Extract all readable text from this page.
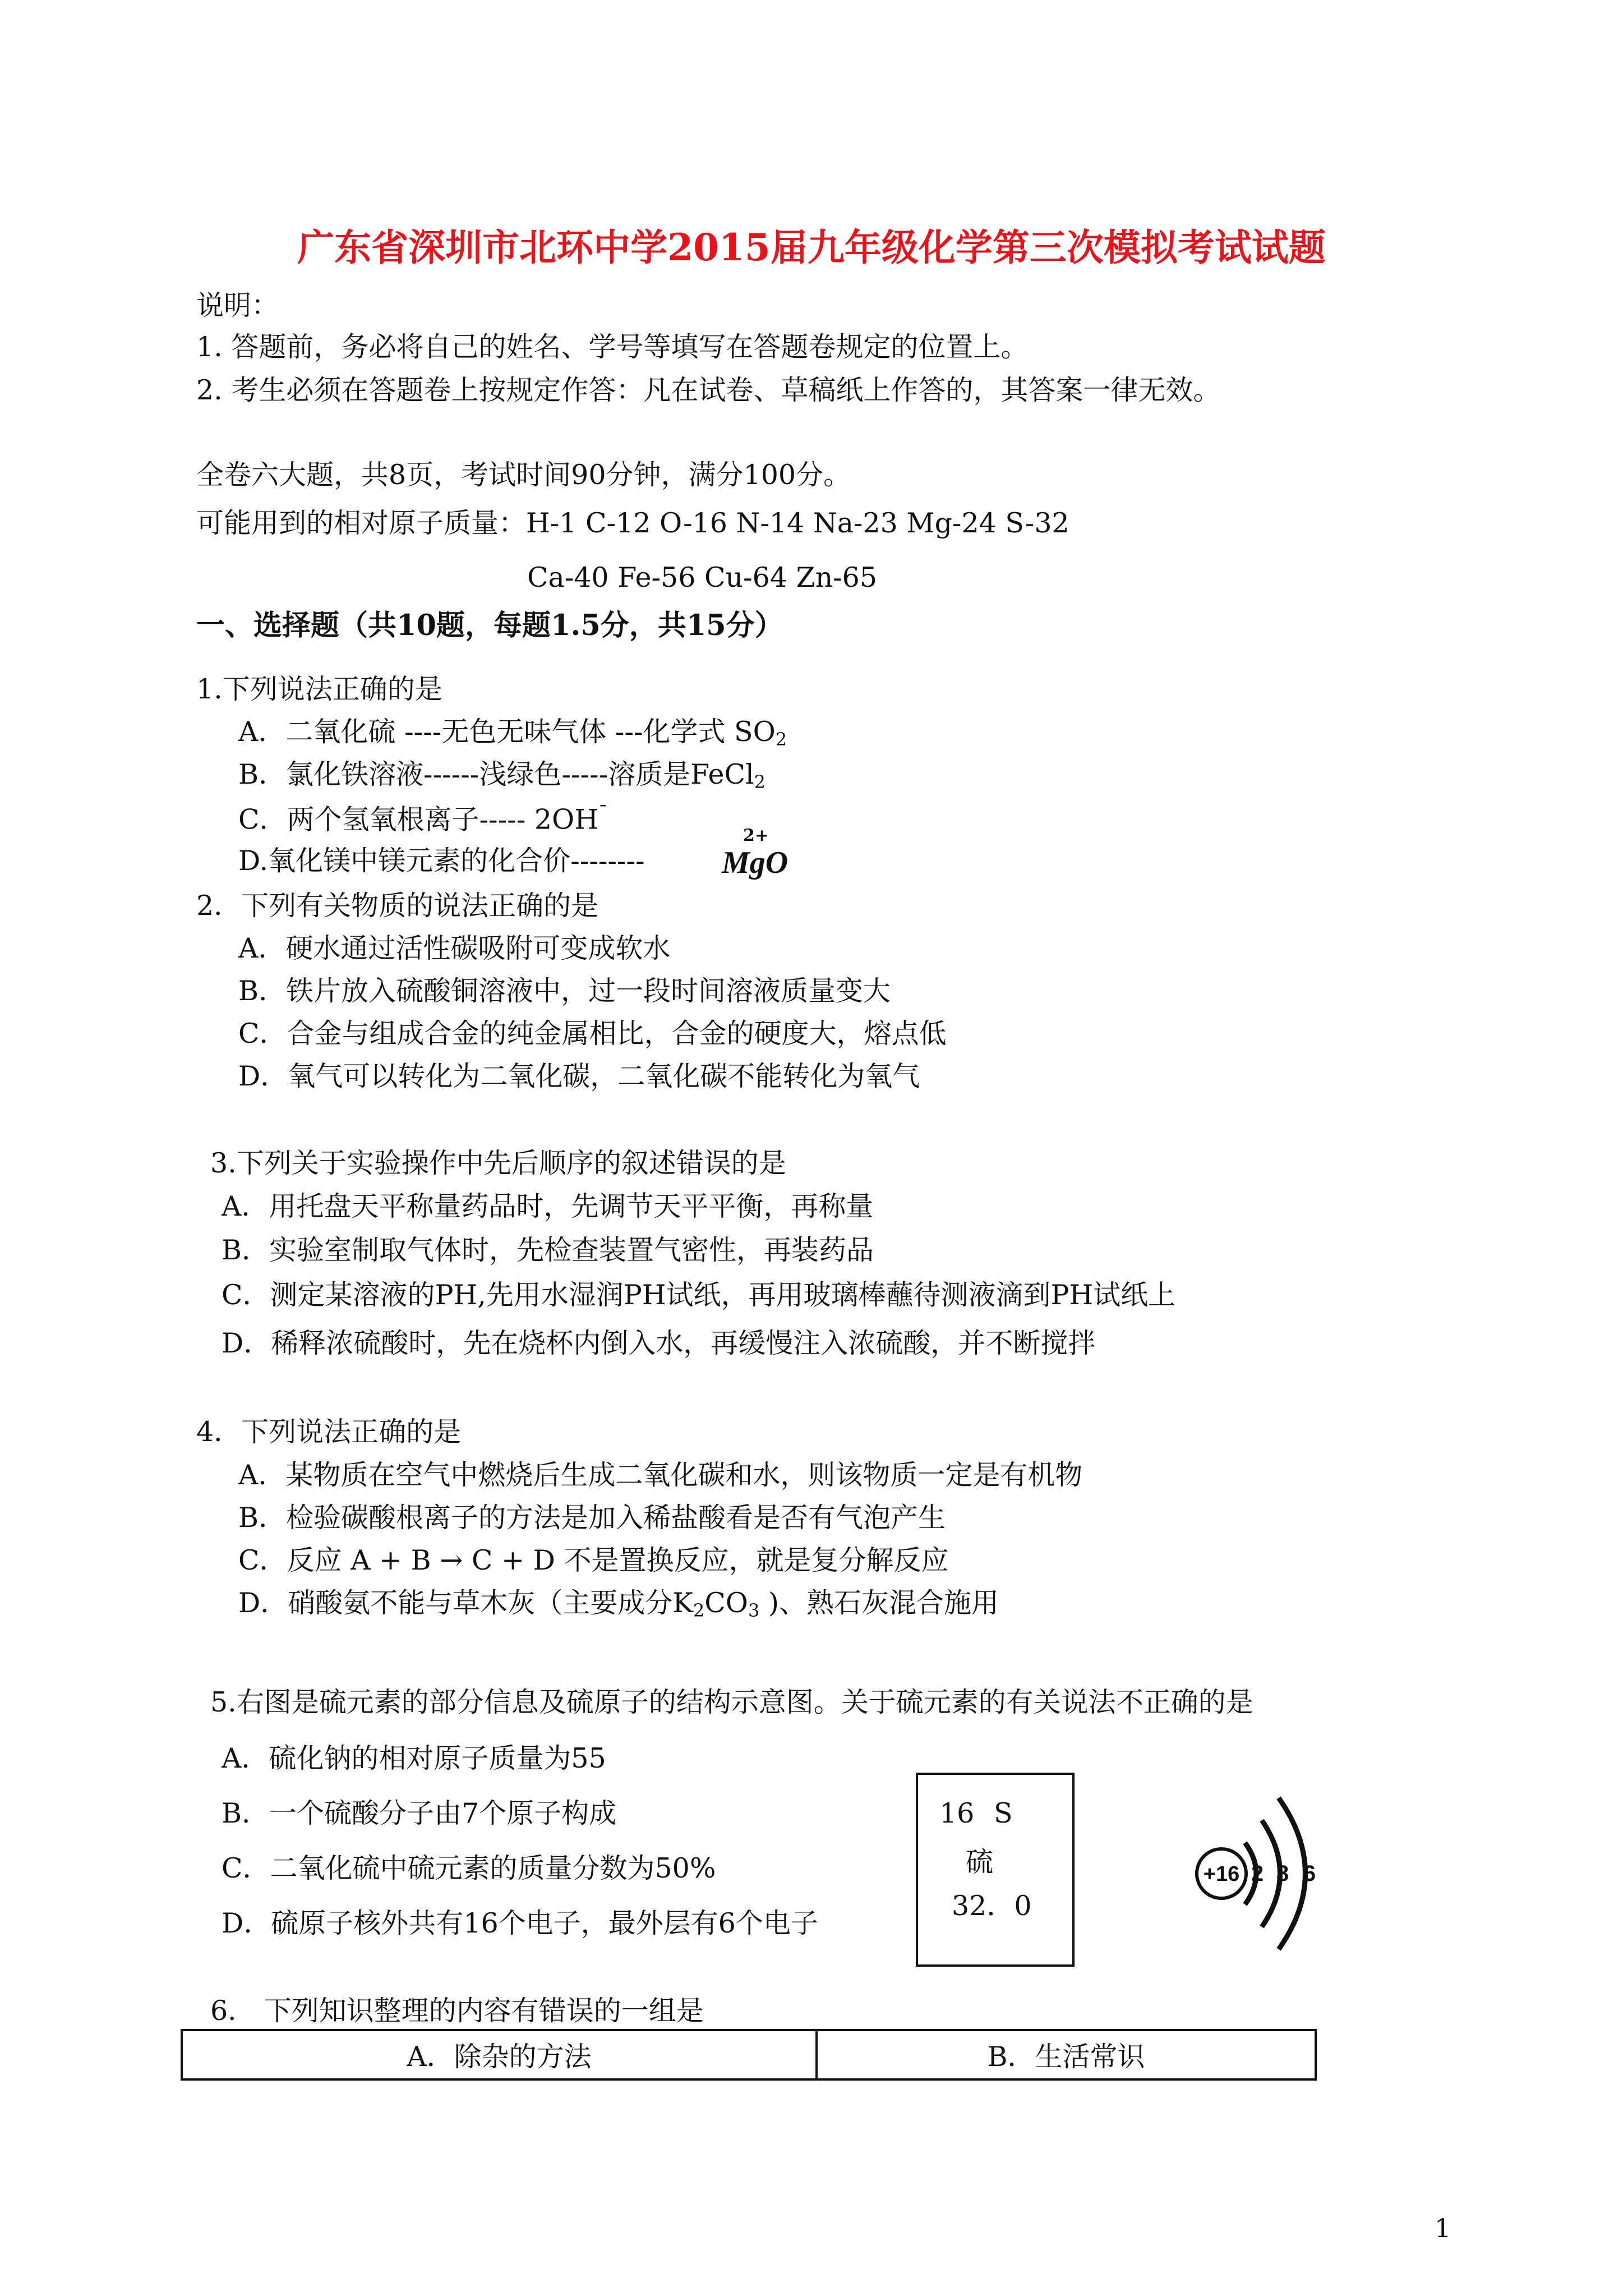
广东省深圳市北环中学2015届九年级化学第三次模拟考试试题
说明：
1. 答题前，务必将自己的姓名、学号等填写在答题卷规定的位置上。
2. 考生必须在答题卷上按规定作答：凡在试卷、草稿纸上作答的，其答案一律无效。
全卷六大题，共8页，考试时间90分钟，满分100分。
可能用到的相对原子质量：H-1 C-12 O-16 N-14 Na-23 Mg-24 S-32
Ca-40 Fe-56 Cu-64 Zn-65
一、选择题（共10题，每题1.5分，共15分）
1.下列说法正确的是
A．二氧化硫 ----无色无味气体 ---化学式 $SO_2$
B．氯化铁溶液------浅绿色-----溶质是FeCl$_2$
C．两个氢氧根离子----- $2OH^ˉ$
D.氧化镁中镁元素的化合价--------
2+
MgO
2．下列有关物质的说法正确的是
A．硬水通过活性碳吸附可变成软水
B．铁片放入硫酸铜溶液中，过一段时间溶液质量变大
C．合金与组成合金的纯金属相比，合金的硬度大，熔点低
D．氧气可以转化为二氧化碳，二氧化碳不能转化为氧气
3.下列关于实验操作中先后顺序的叙述错误的是
A．用托盘天平称量药品时，先调节天平平衡，再称量
B．实验室制取气体时，先检查装置气密性，再装药品
C．测定某溶液的PH,先用水湿润PH试纸，再用玻璃棒蘸待测液滴到PH试纸上
D．稀释浓硫酸时，先在烧杯内倒入水，再缓慢注入浓硫酸，并不断搅拌
4．下列说法正确的是
A．某物质在空气中燃烧后生成二氧化碳和水，则该物质一定是有机物
B．检验碳酸根离子的方法是加入稀盐酸看是否有气泡产生
C．反应 A + B → C + D 不是置换反应，就是复分解反应
D．硝酸氨不能与草木灰（主要成分$K_2CO_3$ )、熟石灰混合施用
5.右图是硫元素的部分信息及硫原子的结构示意图。关于硫元素的有关说法不正确的是
A．硫化钠的相对原子质量为55
B．一个硫酸分子由7个原子构成
C．二氧化硫中硫元素的质量分数为50%
D．硫原子核外共有16个电子，最外层有6个电子
16 S
硫
32．0
+16 2 8 6
6． 下列知识整理的内容有错误的一组是
A．除杂的方法	B．生活常识
1
